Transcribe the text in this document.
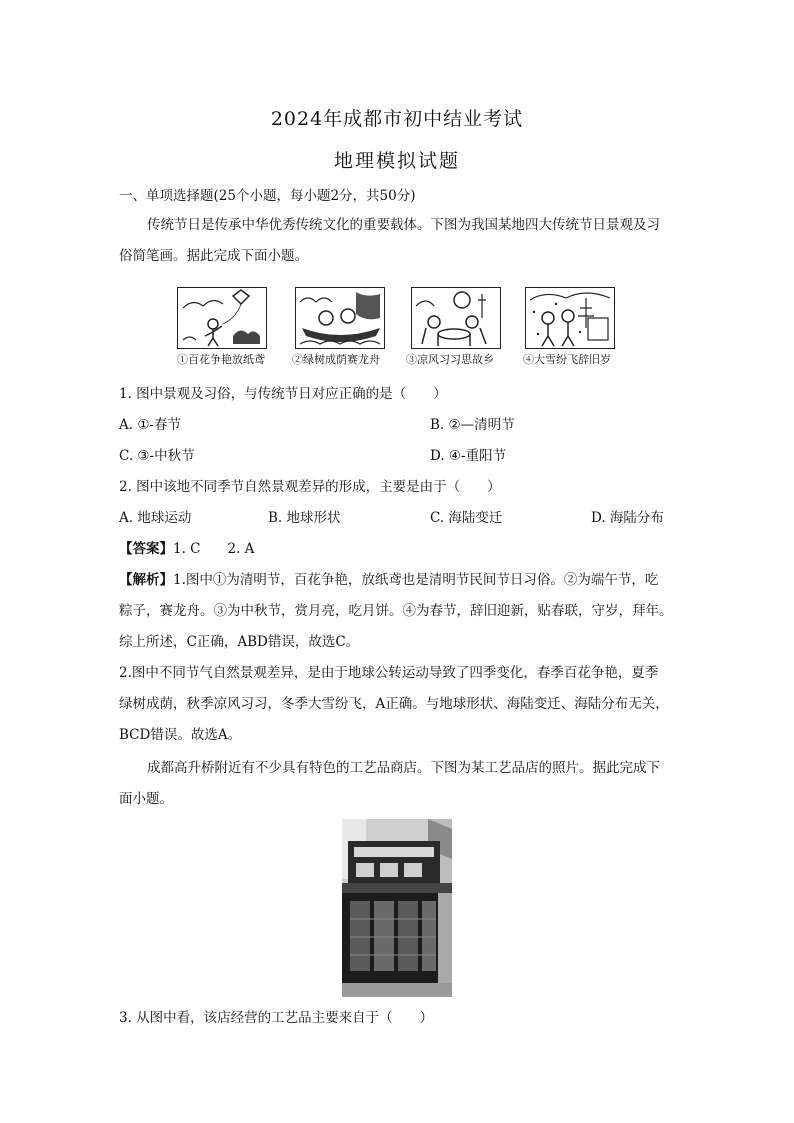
2024年成都市初中结业考试
地理模拟试题
一、单项选择题(25个小题，每小题2分，共50分)
传统节日是传承中华优秀传统文化的重要载体。下图为我国某地四大传统节日景观及习
俗简笔画。据此完成下面小题。
①百花争艳放纸鸢 ②绿树成荫赛龙舟 ③凉风习习思故乡	④大雪纷飞辞旧岁
1. 图中景观及习俗，与传统节日对应正确的是（　　）
A. ①-春节	B. ②—清明节
C. ③-中秋节	D. ④-重阳节
2. 图中该地不同季节自然景观差异的形成，主要是由于（　　）
A. 地球运动	B. 地球形状	C. 海陆变迁	D. 海陆分布
【答案】1. C　　2. A
【解析】1.图中①为清明节，百花争艳，放纸鸢也是清明节民间节日习俗。②为端午节，吃
粽子，赛龙舟。③为中秋节，赏月亮，吃月饼。④为春节，辞旧迎新，贴春联，守岁，拜年。
综上所述，C正确，ABD错误，故选C。
2.图中不同节气自然景观差异，是由于地球公转运动导致了四季变化，春季百花争艳，夏季
绿树成荫，秋季凉风习习，冬季大雪纷飞，A正确。与地球形状、海陆变迁、海陆分布无关，
BCD错误。故选A。
成都高升桥附近有不少具有特色的工艺品商店。下图为某工艺品店的照片。据此完成下
面小题。
3. 从图中看，该店经营的工艺品主要来自于（　　）
